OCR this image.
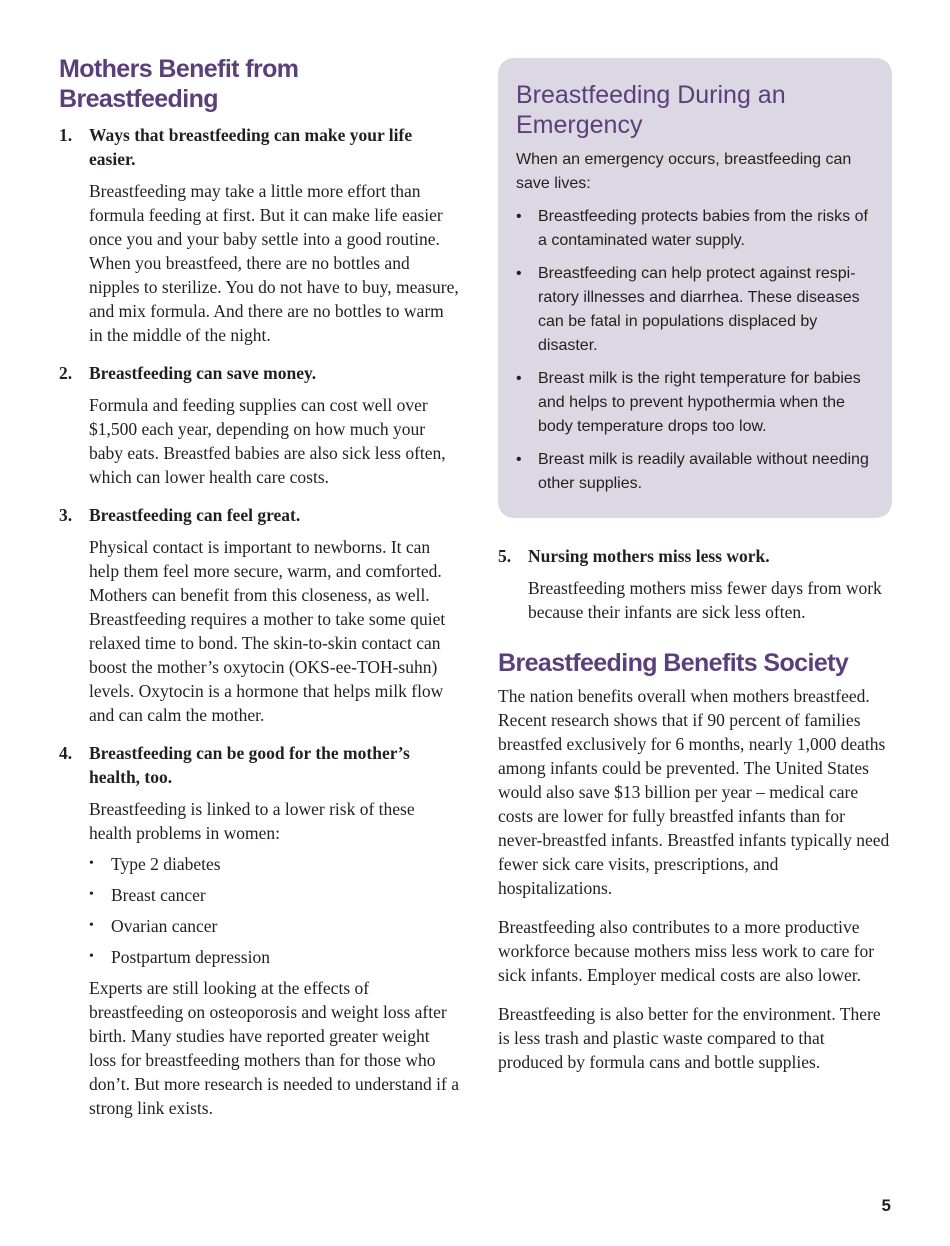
Mothers Benefit from Breastfeeding
1. Ways that breastfeeding can make your life easier.

Breastfeeding may take a little more effort than formula feeding at first. But it can make life easier once you and your baby settle into a good routine. When you breastfeed, there are no bottles and nipples to sterilize. You do not have to buy, measure, and mix formula. And there are no bottles to warm in the middle of the night.

2. Breastfeeding can save money.

Formula and feeding supplies can cost well over $1,500 each year, depending on how much your baby eats. Breastfed babies are also sick less often, which can lower health care costs.

3. Breastfeeding can feel great.

Physical contact is important to newborns. It can help them feel more secure, warm, and comforted. Mothers can benefit from this closeness, as well. Breastfeeding requires a mother to take some quiet relaxed time to bond. The skin-to-skin contact can boost the mother’s oxytocin (OKS-ee-TOH-suhn) levels. Oxytocin is a hormone that helps milk flow and can calm the mother.

4. Breastfeeding can be good for the mother’s health, too.

Breastfeeding is linked to a lower risk of these health problems in women:

• Type 2 diabetes
• Breast cancer
• Ovarian cancer
• Postpartum depression

Experts are still looking at the effects of breastfeeding on osteoporosis and weight loss after birth. Many studies have reported greater weight loss for breastfeeding mothers than for those who don’t. But more research is needed to understand if a strong link exists.

Breastfeeding During an Emergency

When an emergency occurs, breastfeeding can save lives:

•	Breastfeeding protects babies from the risks of a contaminated water supply.
•	Breastfeeding can help protect against respiratory illnesses and diarrhea. These diseases can be fatal in populations displaced by disaster.
•	Breast milk is the right temperature for babies and helps to prevent hypothermia when the body temperature drops too low.
•	Breast milk is readily available without needing other supplies.
5. Nursing mothers miss less work.

Breastfeeding mothers miss fewer days from work because their infants are sick less often.

Breastfeeding Benefits Society

The nation benefits overall when mothers breastfeed. Recent research shows that if 90 percent of families breastfed exclusively for 6 months, nearly 1,000 deaths among infants could be prevented. The United States would also save $13 billion per year – medical care costs are lower for fully breastfed infants than for never-breastfed infants. Breastfed infants typically need fewer sick care visits, prescriptions, and hospitalizations.

Breastfeeding also contributes to a more productive workforce because mothers miss less work to care for sick infants. Employer medical costs are also lower.

Breastfeeding is also better for the environment. There is less trash and plastic waste compared to that produced by formula cans and bottle supplies.

5
